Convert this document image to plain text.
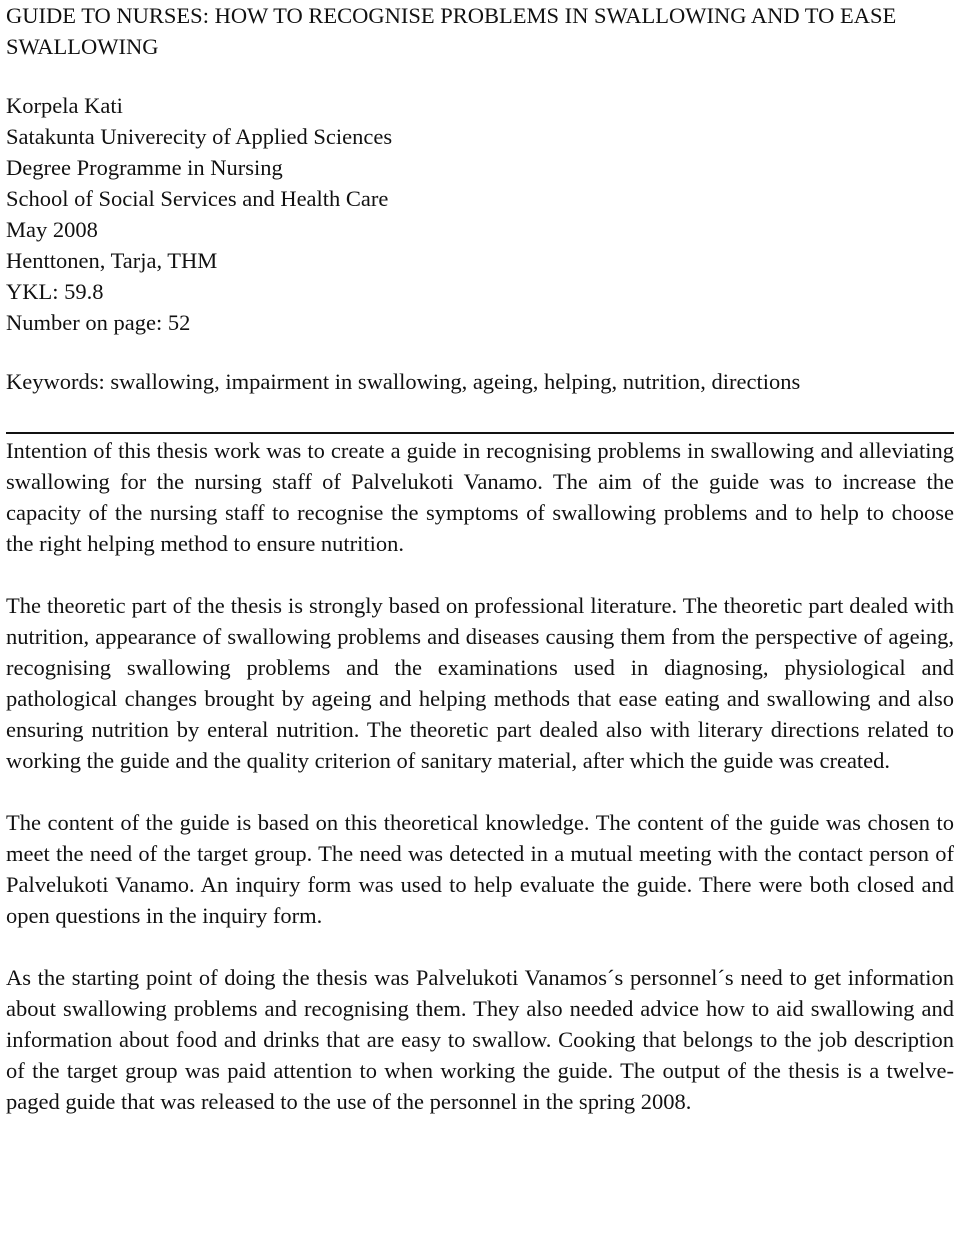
GUIDE TO NURSES: HOW TO RECOGNISE PROBLEMS IN SWALLOWING AND TO EASE SWALLOWING
Korpela Kati
Satakunta Univerecity of Applied Sciences
Degree Programme in Nursing
School of Social Services and Health Care
May 2008
Henttonen, Tarja, THM
YKL: 59.8
Number on page: 52
Keywords: swallowing, impairment in swallowing, ageing, helping, nutrition, directions

Intention of this thesis work was to create a guide in recognising problems in swallowing and alleviating swallowing for the nursing staff of Palvelukoti Vanamo. The aim of the guide was to increase the capacity of the nursing staff to recognise the symptoms of swallowing problems and to help to choose the right helping method to ensure nutrition.

The theoretic part of the thesis is strongly based on professional literature. The theoretic part dealed with nutrition, appearance of swallowing problems and diseases causing them from the perspective of ageing, recognising swallowing problems and the examinations used in diagnosing, physiological and pathological changes brought by ageing and helping methods that ease eating and swallowing and also ensuring nutrition by enteral nutrition. The theoretic part dealed also with literary directions related to working the guide and the quality criterion of sanitary material, after which the guide was created.

The content of the guide is based on this theoretical knowledge. The content of the guide was chosen to meet the need of the target group. The need was detected in a mutual meeting with the contact person of Palvelukoti Vanamo. An inquiry form was used to help evaluate the guide. There were both closed and open questions in the inquiry form.

As the starting point of doing the thesis was Palvelukoti Vanamos´s personnel´s need to get information about swallowing problems and recognising them. They also needed advice how to aid swallowing and information about food and drinks that are easy to swallow. Cooking that belongs to the job description of the target group was paid attention to when working the guide. The output of the thesis is a twelve-paged guide that was released to the use of the personnel in the spring 2008.
